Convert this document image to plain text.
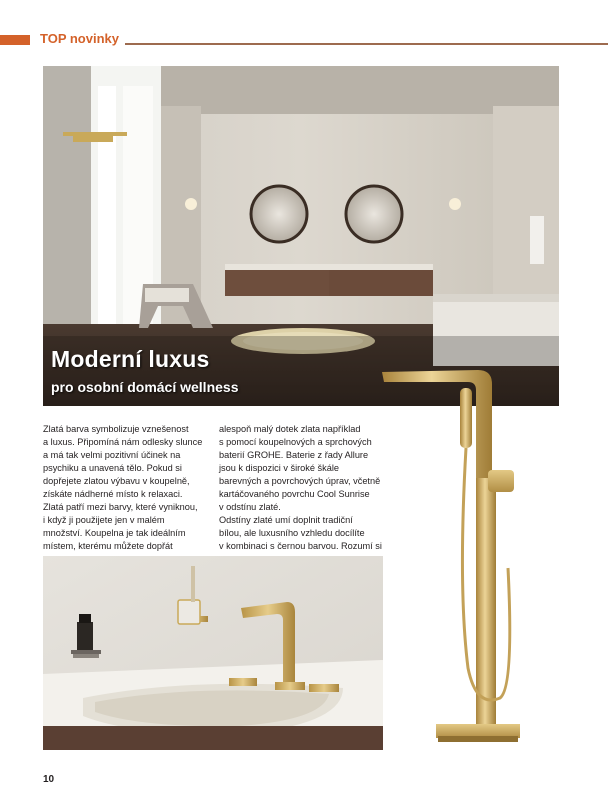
TOP novinky
Moderní luxus
pro osobní domácí wellness

Zlatá barva symbolizuje vznešenost

a luxus. Připomíná nám odlesky slunce

a má tak velmi pozitivní účinek na

psychiku a unavená tělo. Pokud si

dopřejete zlatou výbavu v koupelně,

získáte nádherné místo k relaxaci.

Zlatá patří mezi barvy, které vyniknou,

i když ji použijete jen v malém

množství. Koupelna je tak ideálním

místem, kterému můžete dopřát

alespoň malý dotek zlata například

s pomocí koupelnových a sprchových

baterií GROHE. Baterie z řady Allure

jsou k dispozici v široké škále

barevných a povrchových úprav, včetně

kartáčovaného povrchu Cool Sunrise

v odstínu zlaté.

Odstíny zlaté umí doplnit tradiční

bílou, ale luxusního vzhledu docílíte

v kombinaci s černou barvou. Rozumí si

10
